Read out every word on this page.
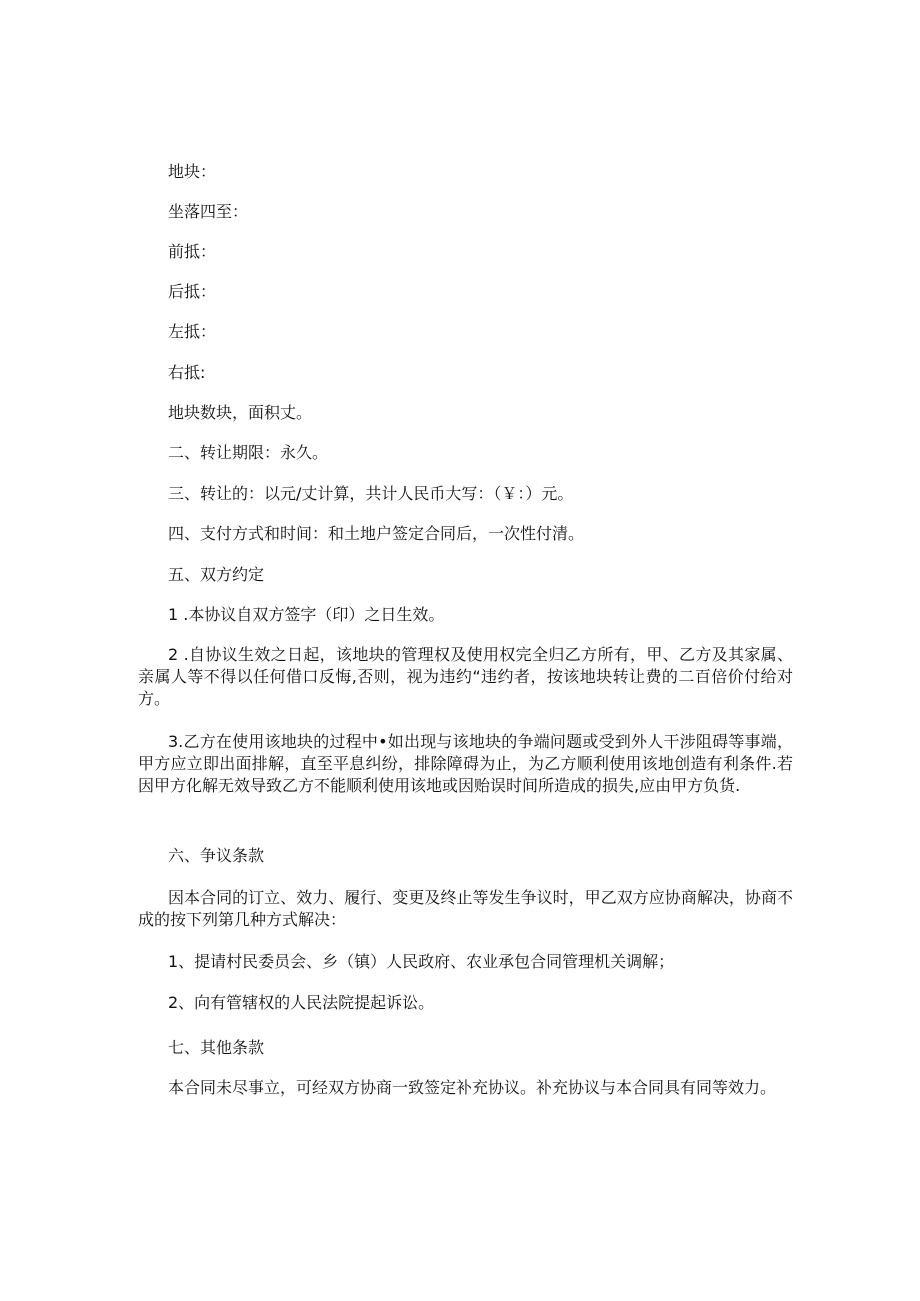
地块：
坐落四至：
前抵：
后抵：
左抵：
右抵:
地块数块，面积丈。
二、转让期限：永久。
三、转让的：以元/丈计算，共计人民币大写：（￥：）元。
四、支付方式和时间：和土地户签定合同后，一次性付清。
五、双方约定
1 .本协议自双方签字（印）之日生效。
2 .自协议生效之日起，该地块的管理权及使用权完全归乙方所有，甲、乙方及其家属、亲属人等不得以任何借口反悔,否则，视为违约“违约者，按该地块转让费的二百倍价付给对方。
3.乙方在使用该地块的过程中•如出现与该地块的争端问题或受到外人干涉阻碍等事端，甲方应立即出面排解，直至平息纠纷，排除障碍为止，为乙方顺利使用该地创造有利条件.若因甲方化解无效导致乙方不能顺利使用该地或因贻误时间所造成的损失,应由甲方负货.
六、争议条款
因本合同的订立、效力、履行、变更及终止等发生争议时，甲乙双方应协商解决，协商不成的按下列第几种方式解决：
1、提请村民委员会、乡（镇）人民政府、农业承包合同管理机关调解；
2、向有管辖权的人民法院提起诉讼。
七、其他条款
本合同未尽事立，可经双方协商一致签定补充协议。补充协议与本合同具有同等效力。
